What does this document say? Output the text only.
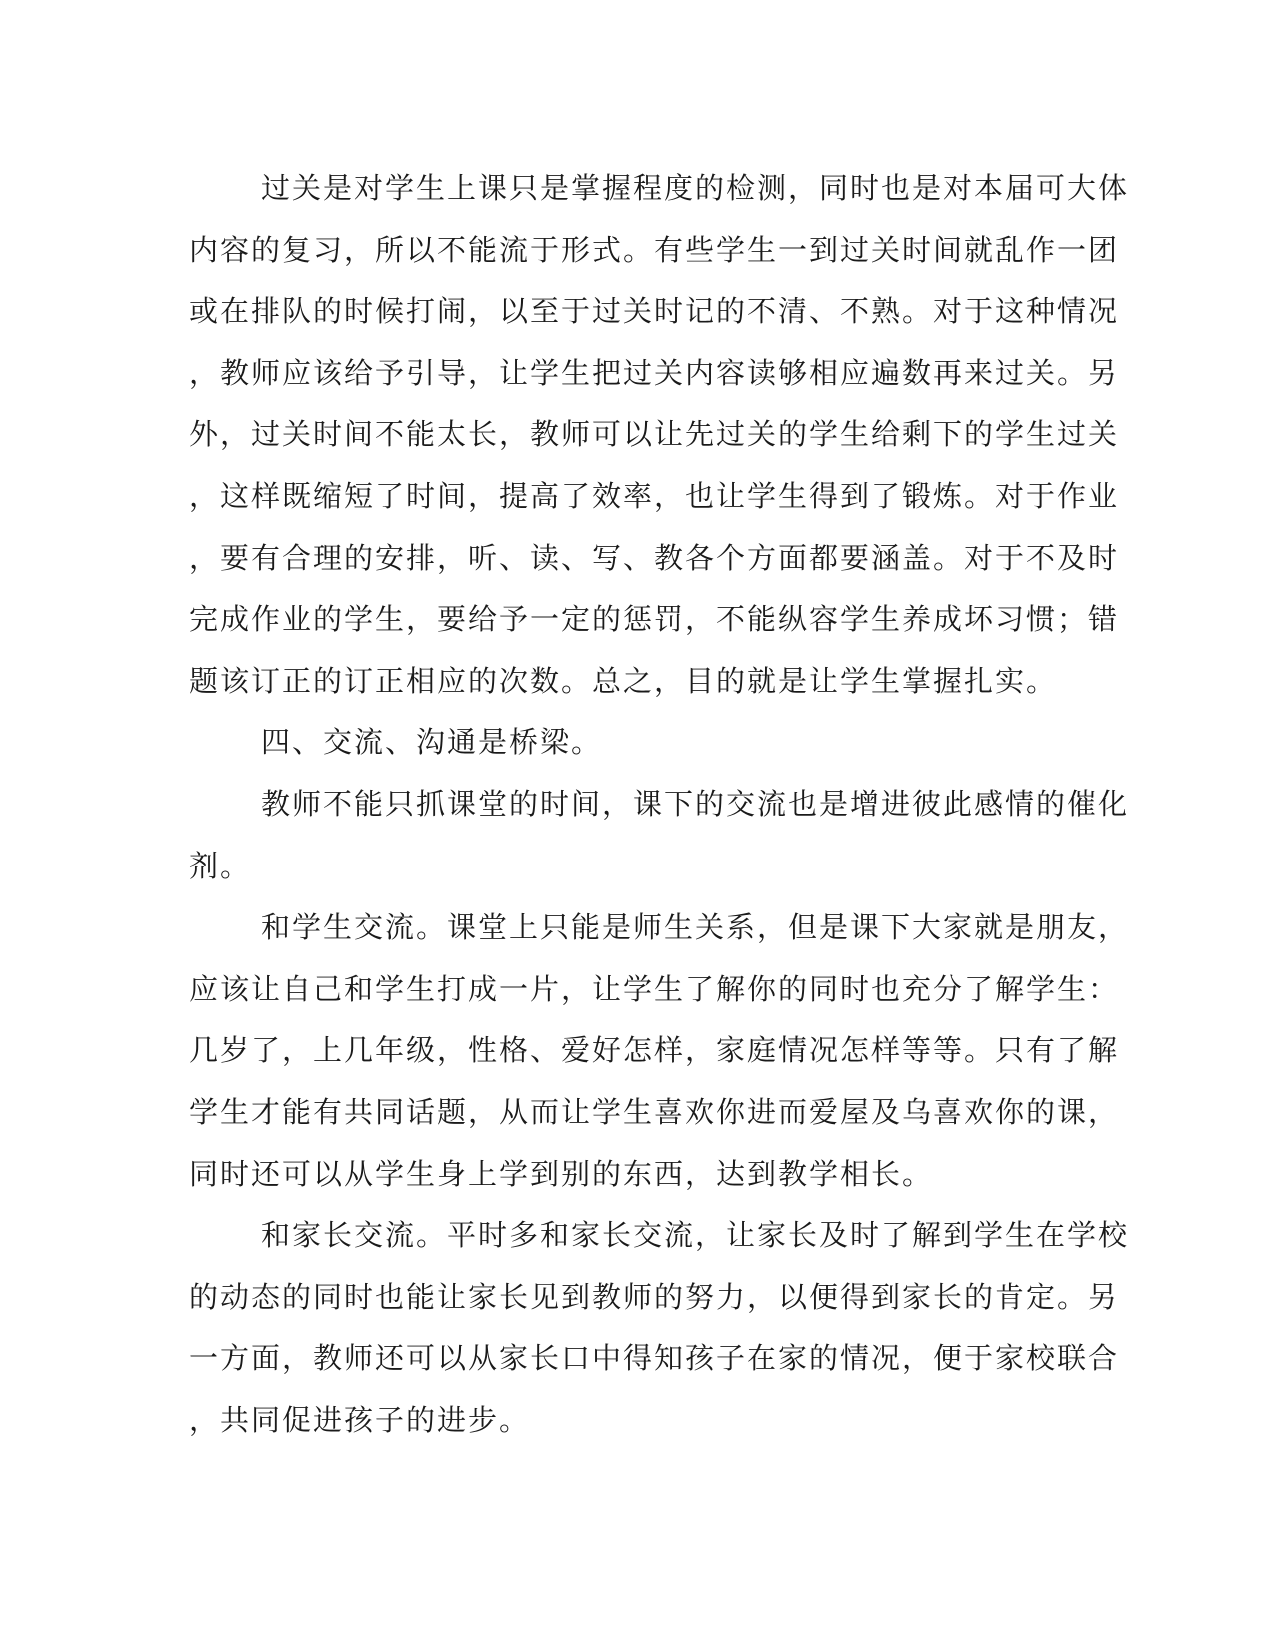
过关是对学生上课只是掌握程度的检测，同时也是对本届可大体
内容的复习，所以不能流于形式。有些学生一到过关时间就乱作一团
或在排队的时候打闹，以至于过关时记的不清、不熟。对于这种情况
，教师应该给予引导，让学生把过关内容读够相应遍数再来过关。另
外，过关时间不能太长，教师可以让先过关的学生给剩下的学生过关
，这样既缩短了时间，提高了效率，也让学生得到了锻炼。对于作业
，要有合理的安排，听、读、写、教各个方面都要涵盖。对于不及时
完成作业的学生，要给予一定的惩罚，不能纵容学生养成坏习惯；错
题该订正的订正相应的次数。总之，目的就是让学生掌握扎实。
四、交流、沟通是桥梁。
教师不能只抓课堂的时间，课下的交流也是增进彼此感情的催化
剂。
和学生交流。课堂上只能是师生关系，但是课下大家就是朋友，
应该让自己和学生打成一片，让学生了解你的同时也充分了解学生：
几岁了，上几年级，性格、爱好怎样，家庭情况怎样等等。只有了解
学生才能有共同话题，从而让学生喜欢你进而爱屋及乌喜欢你的课，
同时还可以从学生身上学到别的东西，达到教学相长。
和家长交流。平时多和家长交流，让家长及时了解到学生在学校
的动态的同时也能让家长见到教师的努力，以便得到家长的肯定。另
一方面，教师还可以从家长口中得知孩子在家的情况，便于家校联合
，共同促进孩子的进步。
